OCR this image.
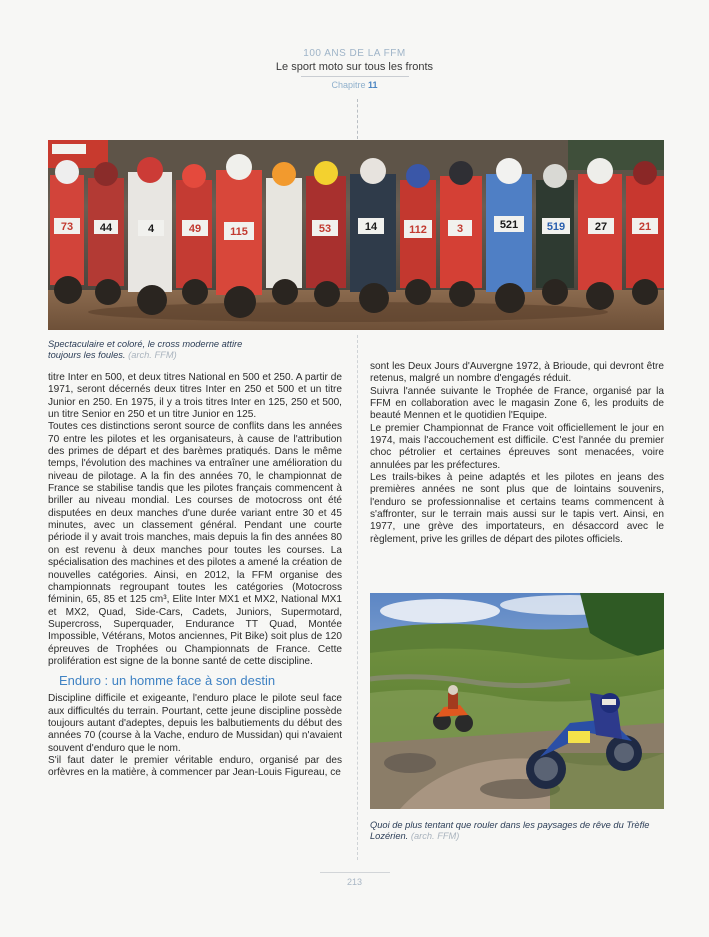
100 ANS DE LA FFM
Le sport moto sur tous les fronts
Chapitre 11
73 44	4	49	115	53	14	112	3	521	519	27	21
Spectaculaire et coloré, le cross moderne attire toujours les foules. (arch. FFM)

titre Inter en 500, et deux titres National en 500 et 250. A partir de 1971, seront décernés deux titres Inter en 250 et 500 et un titre Junior en 250. En 1975, il y a trois titres Inter en 125, 250 et 500, un titre Senior en 250 et un titre Junior en 125.

Toutes ces distinctions seront source de conflits dans les années 70 entre les pilotes et les organisateurs, à cause de l'attribution des primes de départ et des barèmes pratiqués. Dans le même temps, l'évolution des machines va entraîner une amélioration du niveau de pilotage. A la fin des années 70, le championnat de France se stabilise tandis que les pilotes français commencent à briller au niveau mondial. Les courses de motocross ont été disputées en deux manches d'une durée variant entre 30 et 45 minutes, avec un classement général. Pendant une courte période il y avait trois manches, mais depuis la fin des années 80 on est revenu à deux manches pour toutes les courses. La spécialisation des machines et des pilotes a amené la création de nouvelles catégories. Ainsi, en 2012, la FFM organise des championnats regroupant toutes les catégories (Motocross féminin, 65, 85 et 125 cm³, Elite Inter MX1 et MX2, National MX1 et MX2, Quad, Side-Cars, Cadets, Juniors, Supermotard, Supercross, Superquader, Endurance TT Quad, Montée Impossible, Vétérans, Motos anciennes, Pit Bike) soit plus de 120 épreuves de Trophées ou Championnats de France. Cette prolifération est signe de la bonne santé de cette discipline.

Enduro : un homme face à son destin

Discipline difficile et exigeante, l'enduro place le pilote seul face aux difficultés du terrain. Pourtant, cette jeune discipline possède toujours autant d'adeptes, depuis les balbutiements du début des années 70 (course à la Vache, enduro de Mussidan) qui n'avaient souvent d'enduro que le nom.

S'il faut dater le premier véritable enduro, organisé par des orfèvres en la matière, à commencer par Jean-Louis Figureau, ce

sont les Deux Jours d'Auvergne 1972, à Brioude, qui devront être retenus, malgré un nombre d'engagés réduit.

Suivra l'année suivante le Trophée de France, organisé par la FFM en collaboration avec le magasin Zone 6, les produits de beauté Mennen et le quotidien l'Equipe.

Le premier Championnat de France voit officiellement le jour en 1974, mais l'accouchement est difficile. C'est l'année du premier choc pétrolier et certaines épreuves sont menacées, voire annulées par les préfectures.

Les trails-bikes à peine adaptés et les pilotes en jeans des premières années ne sont plus que de lointains souvenirs, l'enduro se professionnalise et certains teams commencent à s'affronter, sur le terrain mais aussi sur le tapis vert. Ainsi, en 1977, une grève des importateurs, en désaccord avec le règlement, prive les grilles de départ des pilotes officiels.

Quoi de plus tentant que rouler dans les paysages de rêve du Trèfle Lozérien. (arch. FFM)
213
